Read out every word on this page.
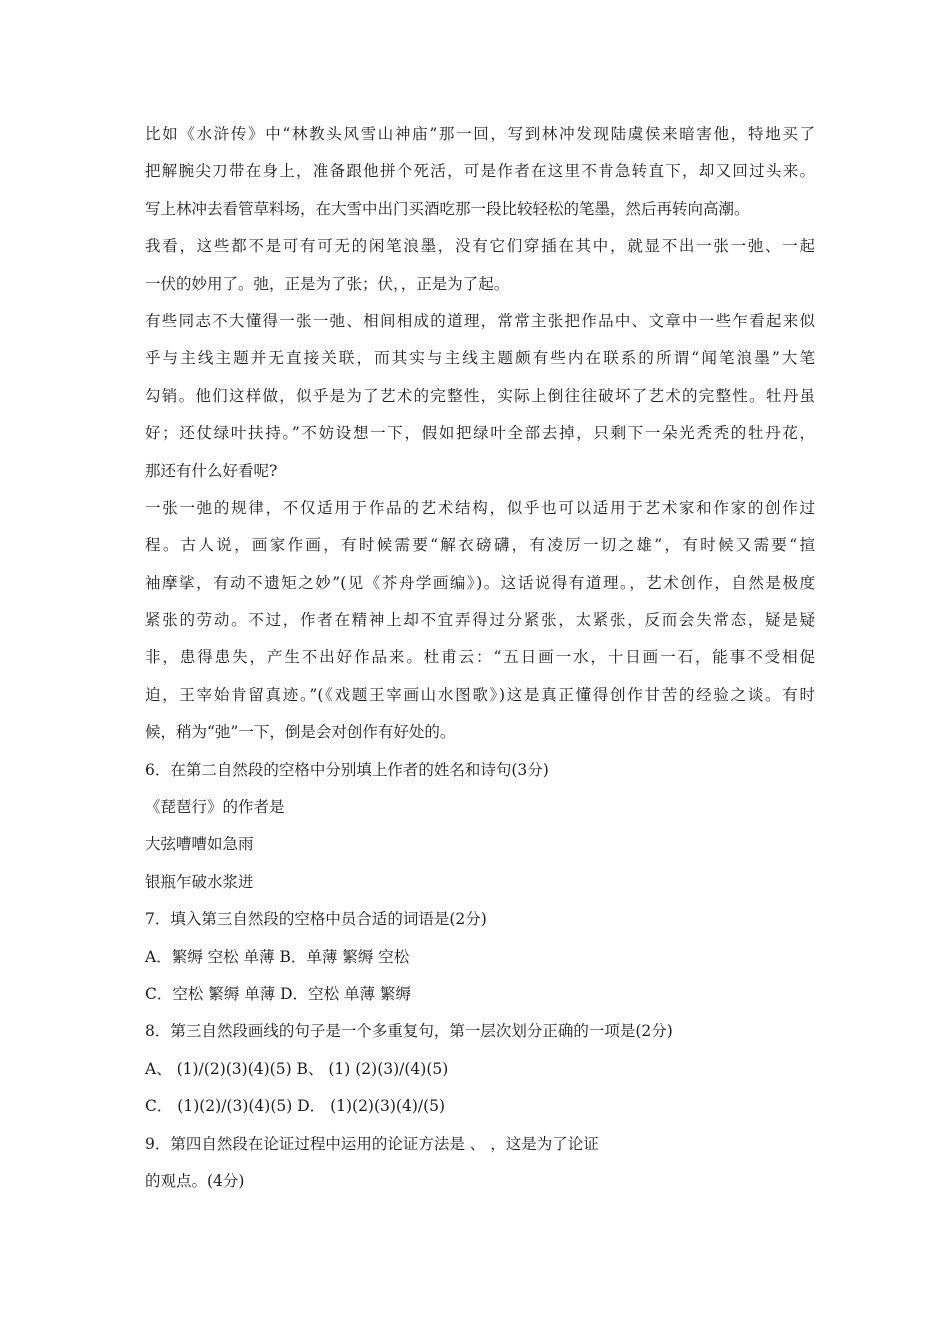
比如《水浒传》中“林教头风雪山神庙”那一回，写到林冲发现陆虞侯来暗害他，特地买了
把解腕尖刀带在身上，准备跟他拼个死活，可是作者在这里不肯急转直下，却又回过头来。
写上林冲去看管草料场，在大雪中出门买酒吃那一段比较轻松的笔墨，然后再转向高潮。
我看，这些都不是可有可无的闲笔浪墨，没有它们穿插在其中，就显不出一张一弛、一起
一伏的妙用了。弛，正是为了张；伏，，正是为了起。
有些同志不大懂得一张一弛、相间相成的道理，常常主张把作品中、文章中一些乍看起来似
乎与主线主题并无直接关联，而其实与主线主题颇有些内在联系的所谓“闻笔浪墨”大笔
勾销。他们这样做，似乎是为了艺术的完整性，实际上倒往往破坏了艺术的完整性。牡丹虽
好；还仗绿叶扶持。”不妨设想一下，假如把绿叶全部去掉，只剩下一朵光秃秃的牡丹花，
那还有什么好看呢?
一张一弛的规律，不仅适用于作品的艺术结构，似乎也可以适用于艺术家和作家的创作过
程。古人说，画家作画，有时候需要“解衣磅礴，有凌厉一切之雄”，有时候又需要“揎
袖摩挲，有动不遗矩之妙”(见《芥舟学画编》)。这话说得有道理。，艺术创作，自然是极度
紧张的劳动。不过，作者在精神上却不宜弄得过分紧张，太紧张，反而会失常态，疑是疑
非，患得患失，产生不出好作品来。杜甫云：“五日画一水，十日画一石，能事不受相促
迫，王宰始肯留真迹。”(《戏题王宰画山水图歌》)这是真正懂得创作甘苦的经验之谈。有时
候，稍为“弛”一下，倒是会对创作有好处的。
6．在第二自然段的空格中分别填上作者的姓名和诗句(3分)
《琵琶行》的作者是
大弦嘈嘈如急雨
银瓶乍破水浆迸
7．填入第三自然段的空格中员合适的词语是(2分)
A．繁缛 空松 单薄 B．单薄 繁缛 空松
C．空松 繁缛 单薄 D．空松 单薄 繁缛
8．第三自然段画线的句子是一个多重复句，第一层次划分正确的一项是(2分)
A、 (1)/(2)(3)(4)(5) B、 (1) (2)(3)/(4)(5)
C． (1)(2)/(3)(4)(5) D． (1)(2)(3)(4)/(5)
9．第四自然段在论证过程中运用的论证方法是 、 ，这是为了论证
的观点。(4分)
